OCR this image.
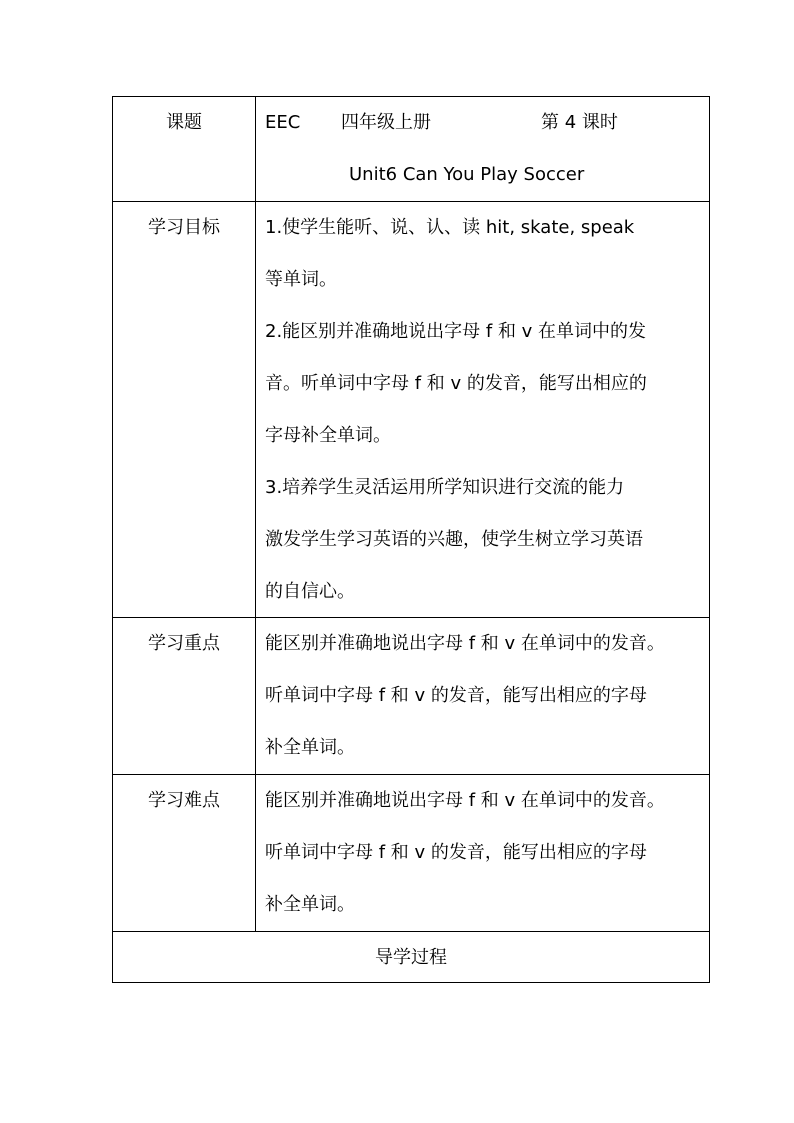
课题	EEC 四年级上册	第 4 课时
Unit6 Can You Play Soccer
学习目标	1.使学生能听、说、认、读 hit, skate, speak
等单词。
2.能区别并准确地说出字母 f 和 v 在单词中的发
音。听单词中字母 f 和 v 的发音，能写出相应的
字母补全单词。
3.培养学生灵活运用所学知识进行交流的能力
激发学生学习英语的兴趣，使学生树立学习英语
的自信心。
学习重点	能区别并准确地说出字母 f 和 v 在单词中的发音。
听单词中字母 f 和 v 的发音，能写出相应的字母
补全单词。
学习难点	能区别并准确地说出字母 f 和 v 在单词中的发音。
听单词中字母 f 和 v 的发音，能写出相应的字母
补全单词。
导学过程
